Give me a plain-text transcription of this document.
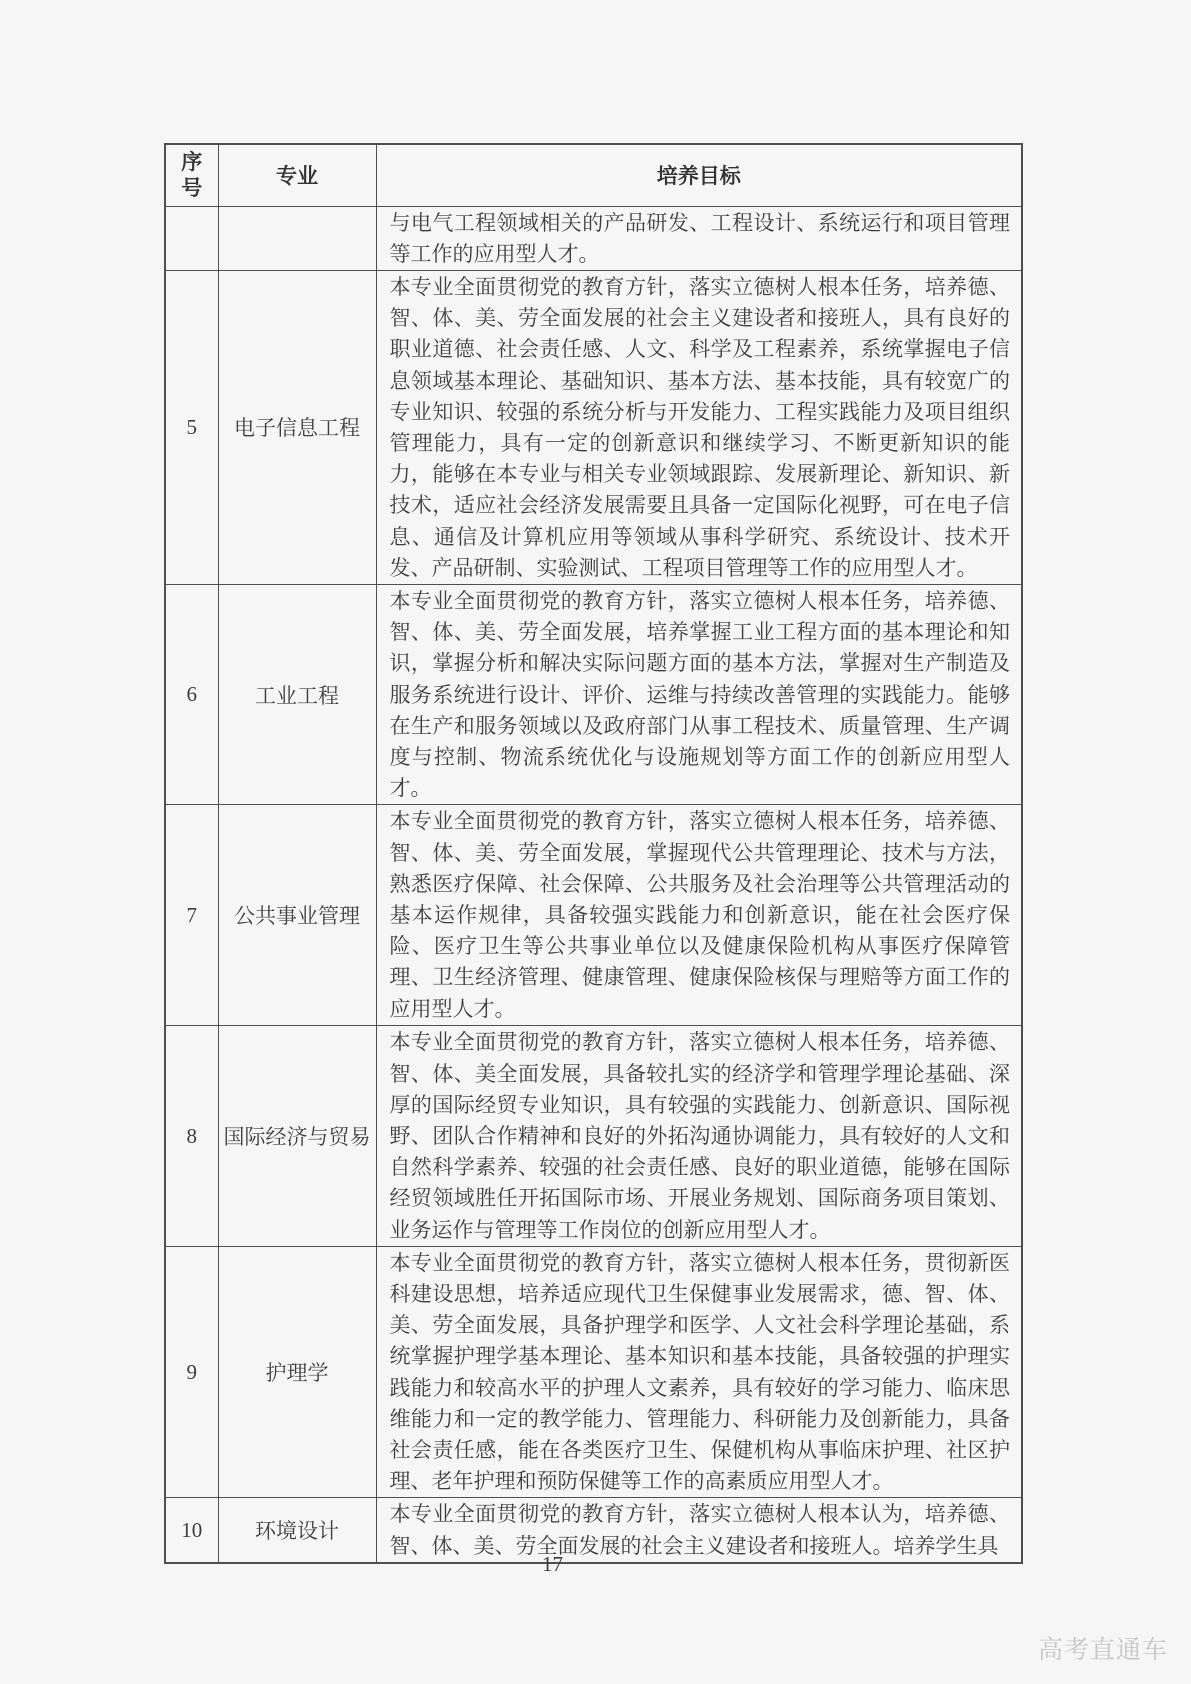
序号	专业	培养目标
		与电气工程领域相关的产品研发、工程设计、系统运行和项目管理等工作的应用型人才。
5	电子信息工程	本专业全面贯彻党的教育方针，落实立德树人根本任务，培养德、智、体、美、劳全面发展的社会主义建设者和接班人，具有良好的职业道德、社会责任感、人文、科学及工程素养，系统掌握电子信息领域基本理论、基础知识、基本方法、基本技能，具有较宽广的专业知识、较强的系统分析与开发能力、工程实践能力及项目组织管理能力，具有一定的创新意识和继续学习、不断更新知识的能力，能够在本专业与相关专业领域跟踪、发展新理论、新知识、新技术，适应社会经济发展需要且具备一定国际化视野，可在电子信息、通信及计算机应用等领域从事科学研究、系统设计、技术开发、产品研制、实验测试、工程项目管理等工作的应用型人才。
6	工业工程	本专业全面贯彻党的教育方针，落实立德树人根本任务，培养德、智、体、美、劳全面发展，培养掌握工业工程方面的基本理论和知识，掌握分析和解决实际问题方面的基本方法，掌握对生产制造及服务系统进行设计、评价、运维与持续改善管理的实践能力。能够在生产和服务领域以及政府部门从事工程技术、质量管理、生产调度与控制、物流系统优化与设施规划等方面工作的创新应用型人才。
7	公共事业管理	本专业全面贯彻党的教育方针，落实立德树人根本任务，培养德、智、体、美、劳全面发展，掌握现代公共管理理论、技术与方法，熟悉医疗保障、社会保障、公共服务及社会治理等公共管理活动的基本运作规律，具备较强实践能力和创新意识，能在社会医疗保险、医疗卫生等公共事业单位以及健康保险机构从事医疗保障管理、卫生经济管理、健康管理、健康保险核保与理赔等方面工作的应用型人才。
8	国际经济与贸易	本专业全面贯彻党的教育方针，落实立德树人根本任务，培养德、智、体、美全面发展，具备较扎实的经济学和管理学理论基础、深厚的国际经贸专业知识，具有较强的实践能力、创新意识、国际视野、团队合作精神和良好的外拓沟通协调能力，具有较好的人文和自然科学素养、较强的社会责任感、良好的职业道德，能够在国际经贸领域胜任开拓国际市场、开展业务规划、国际商务项目策划、业务运作与管理等工作岗位的创新应用型人才。
9	护理学	本专业全面贯彻党的教育方针，落实立德树人根本任务，贯彻新医科建设思想，培养适应现代卫生保健事业发展需求，德、智、体、美、劳全面发展，具备护理学和医学、人文社会科学理论基础，系统掌握护理学基本理论、基本知识和基本技能，具备较强的护理实践能力和较高水平的护理人文素养，具有较好的学习能力、临床思维能力和一定的教学能力、管理能力、科研能力及创新能力，具备社会责任感，能在各类医疗卫生、保健机构从事临床护理、社区护理、老年护理和预防保健等工作的高素质应用型人才。
10	环境设计	本专业全面贯彻党的教育方针，落实立德树人根本认为，培养德、智、体、美、劳全面发展的社会主义建设者和接班人。培养学生具
17
高考直通车
